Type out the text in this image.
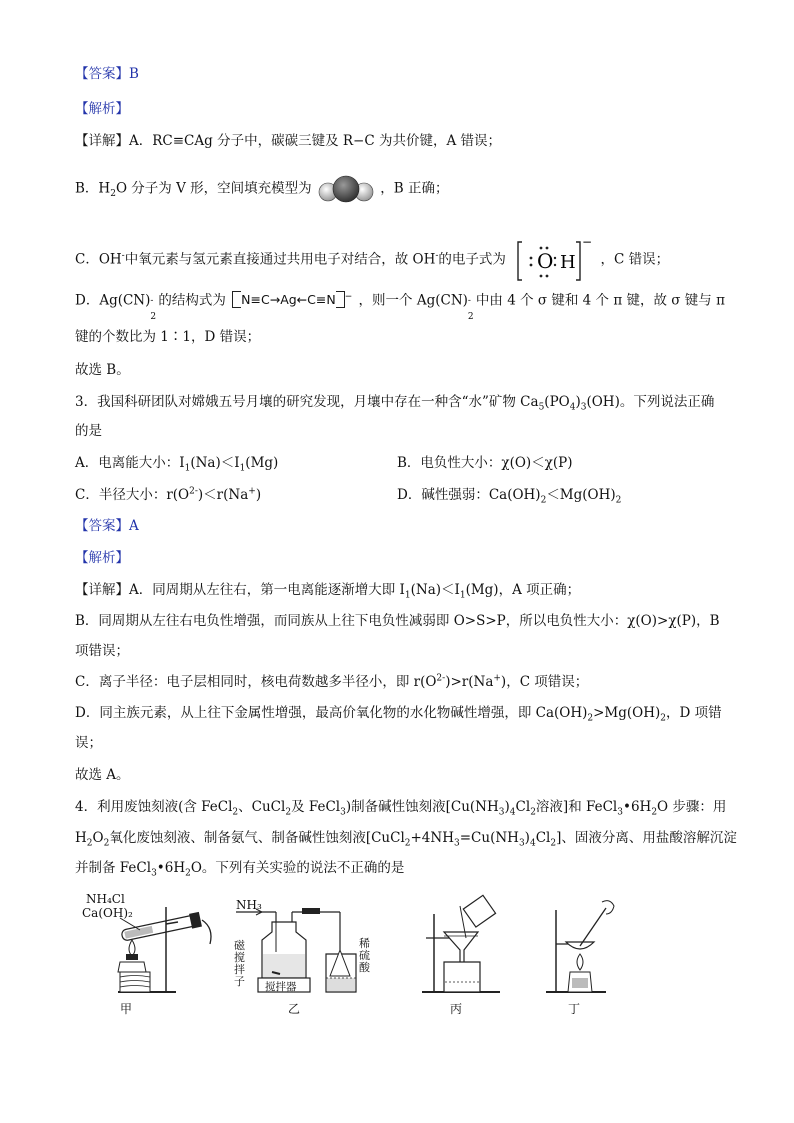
【答案】B
【解析】
【详解】A．RC≡CAg 分子中，碳碳三键及 R−C 为共价键，A 错误；
B．$H_2O$ 分子为 V 形，空间填充模型为	，B 正确；
C．OH-中氧元素与氢元素直接通过共用电子对结合，故 OH-的电子式为 O H
−
，C 错误；
D．Ag(CN) -
2
的结构式为 N≡C→Ag←C≡N − ，则一个 Ag(CN) -
2
中由 4 个 σ 键和 4 个 π 键，故 σ 键与 π
键的个数比为 1∶1，D 错误；
故选 B。
3．我国科研团队对嫦娥五号月壤的研究发现，月壤中存在一种含“水”矿物 $Ca_5(PO_4)_3(OH)$。下列说法正确
的是
A．电离能大小：$I_1(Na)<I_1(Mg)$	B．电负性大小：χ(O)＜χ(P)
C．半径大小：$r(O^{2-})<r(Na^+)$	D．碱性强弱：$Ca(OH)_2<Mg(OH)_2$
【答案】A
【解析】
【详解】A．同周期从左往右，第一电离能逐渐增大即 $I_1(Na)<I_1(Mg)$，A 项正确；
B．同周期从左往右电负性增强，而同族从上往下电负性减弱即 O>S>P，所以电负性大小：χ(O)>χ(P)，B
项错误；
C．离子半径：电子层相同时，核电荷数越多半径小，即 $r(O^{2-})>r(Na^+)$，C 项错误；
D．同主族元素，从上往下金属性增强，最高价氧化物的水化物碱性增强，即 $Ca(OH)_2>Mg(OH)_2$，D 项错
误；
故选 A。
4．利用废蚀刻液(含 FeCl$_2$、CuCl$_2$及 FeCl$_3$)制备碱性蚀刻液[$Cu(NH_3)_4Cl_2$溶液]和 $FeCl_3•6H_2O$ 步骤：用
$H_2O_2$氧化废蚀刻液、制备氨气、制备碱性蚀刻液$[CuCl_2+4NH_3=Cu(NH_3)_4Cl_2]$、固液分离、用盐酸溶解沉淀
并制备 $FeCl_3•6H_2O$。下列有关实验的说法不正确的是
NH₄Cl
Ca(OH)₂
甲
NH₃
磁
搅
拌
子 搅拌器
稀
硫
酸
乙	丙	丁
